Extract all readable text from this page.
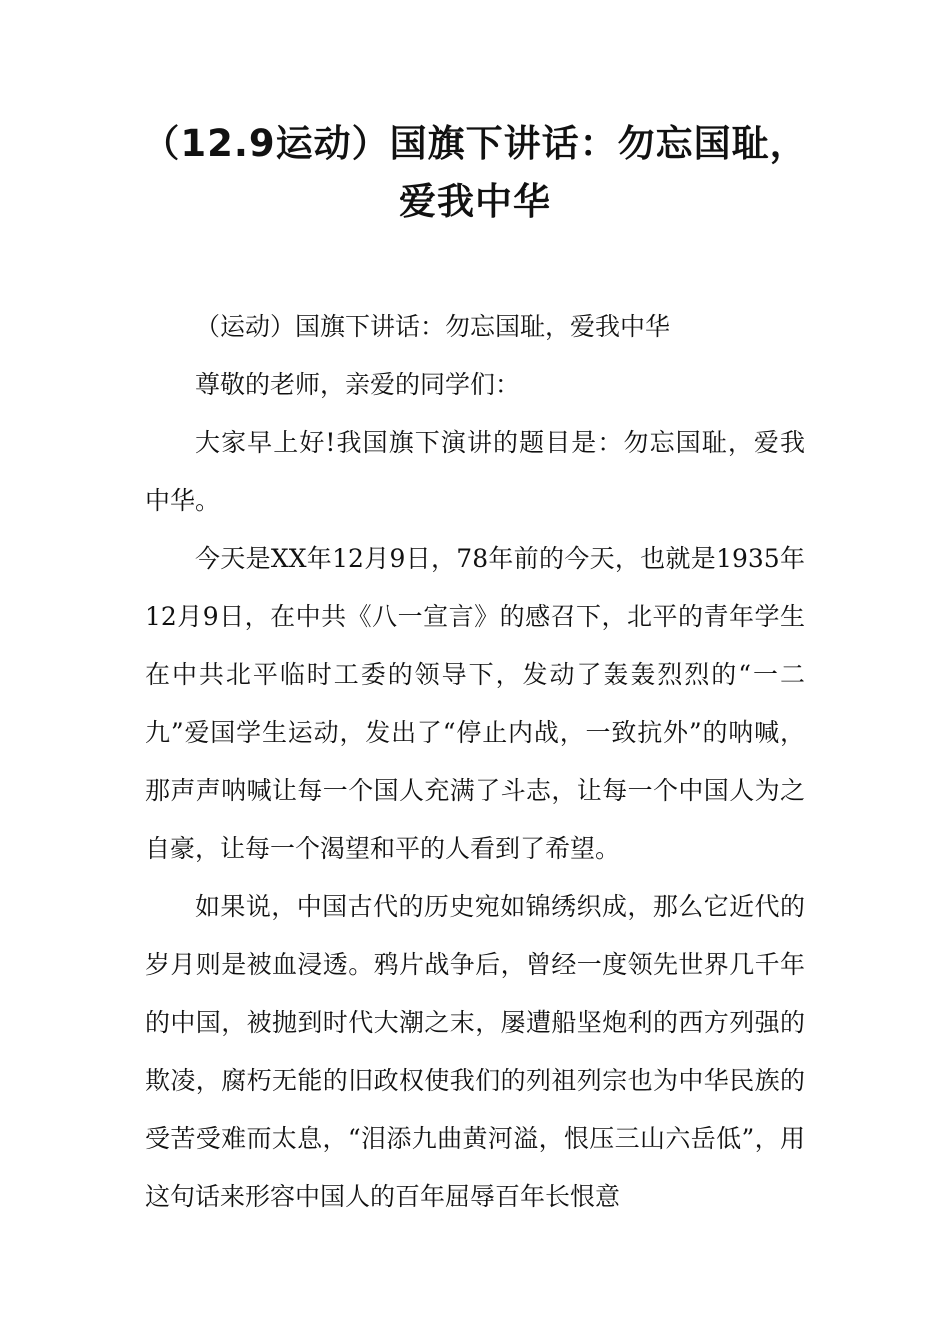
（12.9运动）国旗下讲话：勿忘国耻，
爱我中华

（运动）国旗下讲话：勿忘国耻，爱我中华

尊敬的老师，亲爱的同学们：

大家早上好!我国旗下演讲的题目是：勿忘国耻，爱我中华。

今天是XX年12月9日，78年前的今天，也就是1935年12月9日，在中共《八一宣言》的感召下，北平的青年学生在中共北平临时工委的领导下，发动了轰轰烈烈的“一二九”爱国学生运动，发出了“停止内战，一致抗外”的呐喊，那声声呐喊让每一个国人充满了斗志，让每一个中国人为之自豪，让每一个渴望和平的人看到了希望。

如果说，中国古代的历史宛如锦绣织成，那么它近代的岁月则是被血浸透。鸦片战争后，曾经一度领先世界几千年的中国，被抛到时代大潮之末，屡遭船坚炮利的西方列强的欺凌，腐朽无能的旧政权使我们的列祖列宗也为中华民族的受苦受难而太息，“泪添九曲黄河溢，恨压三山六岳低”，用这句话来形容中国人的百年屈辱百年长恨意
